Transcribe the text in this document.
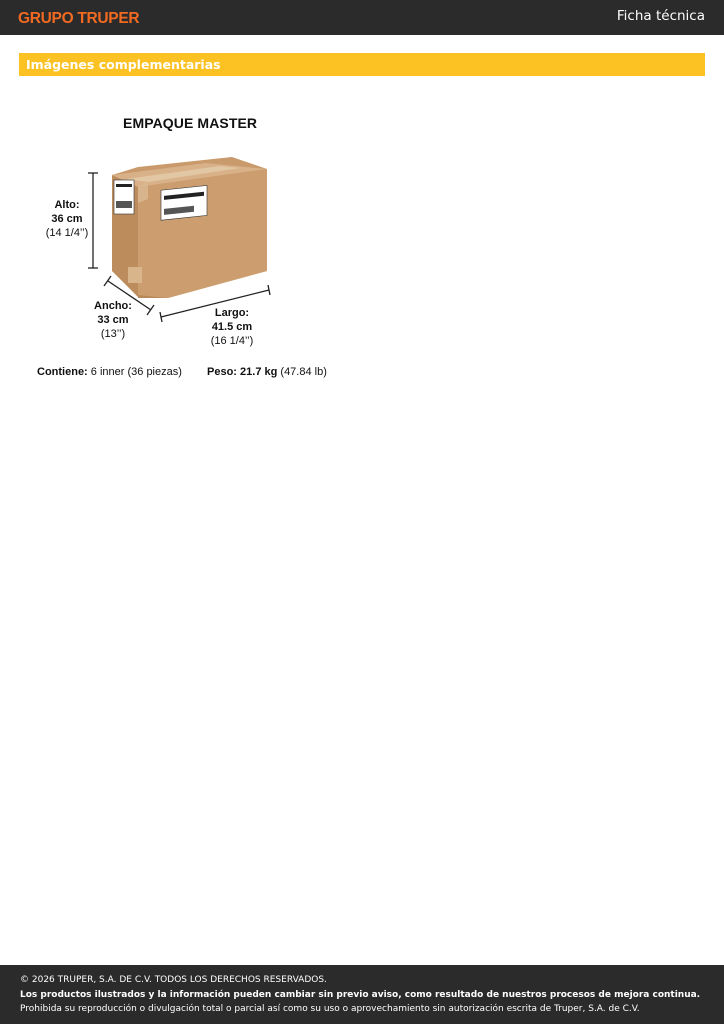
GRUPO TRUPER	Ficha técnica
Imágenes complementarias
EMPAQUE MASTER
Alto:
36 cm
(14 1/4’’)
Ancho:
33 cm
(13’’)
Largo:
41.5 cm
(16 1/4’’)
Contiene: 6 inner (36 piezas) Peso: 21.7 kg (47.84 lb)
© 2026 TRUPER, S.A. DE C.V. TODOS LOS DERECHOS RESERVADOS.
Los productos ilustrados y la información pueden cambiar sin previo aviso, como resultado de nuestros procesos de mejora continua.
Prohibida su reproducción o divulgación total o parcial así como su uso o aprovechamiento sin autorización escrita de Truper, S.A. de C.V.
